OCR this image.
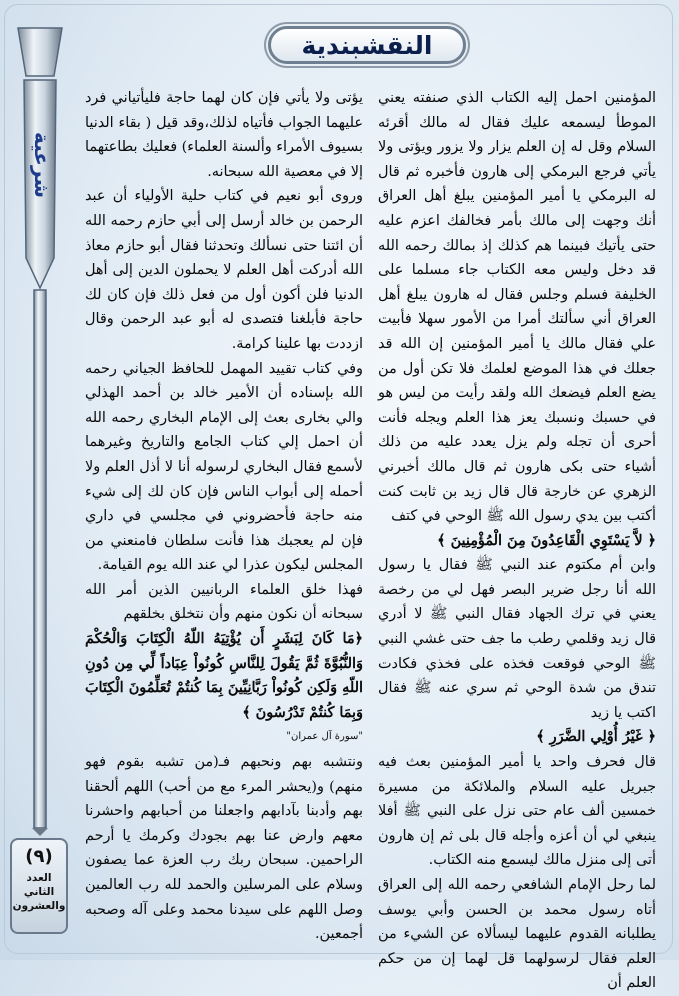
النقشبندية
شرعية
(٩)
العدد
الثاني
والعشرون

المؤمنين احمل إليه الكتاب الذي صنفته يعني الموطأ ليسمعه عليك فقال له مالك أقرئه السلام وقل له إن العلم يزار ولا يزور ويؤتى ولا يأتي فرجع البرمكي إلى هارون فأخبره ثم قال له البرمكي يا أمير المؤمنين يبلغ أهل العراق أنك وجهت إلى مالك بأمر فخالفك اعزم عليه حتى يأتيك فبينما هم كذلك إذ بمالك رحمه الله قد دخل وليس معه الكتاب جاء مسلما على الخليفة فسلم وجلس فقال له هارون يبلغ أهل العراق أني سألتك أمرا من الأمور سهلا فأبيت علي فقال مالك يا أمير المؤمنين إن الله قد جعلك في هذا الموضع لعلمك فلا تكن أول من يضع العلم فيضعك الله ولقد رأيت من ليس هو في حسبك ونسبك يعز هذا العلم ويجله فأنت أحرى أن تجله ولم يزل يعدد عليه من ذلك أشياء حتى بكى هارون ثم قال مالك أخبرني الزهري عن خارجة قال قال زيد بن ثابت كنت أكتب بين يدي رسول الله ﷺ الوحي في كتف

﴿ لاَّ يَسْتَوِي الْقَاعِدُونَ مِنَ الْمُؤْمِنِينَ ﴾

وابن أم مكتوم عند النبي ﷺ فقال يا رسول الله أنا رجل ضرير البصر فهل لي من رخصة يعني في ترك الجهاد فقال النبي ﷺ لا أدري قال زيد وقلمي رطب ما جف حتى غشي النبي ﷺ الوحي فوقعت فخذه على فخذي فكادت تندق من شدة الوحي ثم سري عنه ﷺ فقال اكتب يا زيد

﴿ غَيْرُ أُوْلِي الضَّرَرِ ﴾

قال فحرف واحد يا أمير المؤمنين بعث فيه جبريل عليه السلام والملائكة من مسيرة خمسين ألف عام حتى نزل على النبي ﷺ أفلا ينبغي لي أن أعزه وأجله قال بلى ثم إن هارون أتى إلى منزل مالك ليسمع منه الكتاب.

لما رحل الإمام الشافعي رحمه الله إلى العراق أتاه رسول محمد بن الحسن وأبي يوسف يطلبانه القدوم عليهما ليسألاه عن الشيء من العلم فقال لرسولهما قل لهما إن من حكم العلم أن

يؤتى ولا يأتي فإن كان لهما حاجة فليأتياني فرد عليهما الجواب فأتياه لذلك،وقد قيل ( بقاء الدنيا بسيوف الأمراء وألسنة العلماء) فعليك بطاعتهما إلا في معصية الله سبحانه.

وروى أبو نعيم في كتاب حلية الأولياء أن عبد الرحمن بن خالد أرسل إلى أبي حازم رحمه الله أن ائتنا حتى نسألك وتحدثنا فقال أبو حازم معاذ الله أدركت أهل العلم لا يحملون الدين إلى أهل الدنيا فلن أكون أول من فعل ذلك فإن كان لك حاجة فأبلغنا فتصدى له أبو عبد الرحمن وقال ازددت بها علينا كرامة.

وفي كتاب تقييد المهمل للحافظ الجياني رحمه الله بإسناده أن الأمير خالد بن أحمد الهذلي والي بخارى بعث إلى الإمام البخاري رحمه الله أن احمل إلي كتاب الجامع والتاريخ وغيرهما لأسمع فقال البخاري لرسوله أنا لا أذل العلم ولا أحمله إلى أبواب الناس فإن كان لك إلى شيء منه حاجة فأحضروني في مجلسي في داري فإن لم يعجبك هذا فأنت سلطان فامنعني من المجلس ليكون عذرا لي عند الله يوم القيامة.

فهذا خلق العلماء الربانيين الذين أمر الله سبحانه أن نكون منهم وأن نتخلق بخلقهم

﴿مَا كَانَ لِبَشَرٍ أَن يُؤْتِيَهُ اللّهُ الْكِتَابَ وَالْحُكْمَ وَالنُّبُوَّةَ ثُمَّ يَقُولَ لِلنَّاسِ كُونُواْ عِبَاداً لِّي مِن دُونِ اللّهِ وَلَكِن كُونُواْ رَبَّانِيِّينَ بِمَا كُنتُمْ تُعَلِّمُونَ الْكِتَابَ وَبِمَا كُنتُمْ تَدْرُسُونَ ﴾

"سورة آل عمران"

ونتشبه بهم ونحبهم فـ(من تشبه بقوم فهو منهم) و(يحشر المرء مع من أحب) اللهم ألحقنا بهم وأدبنا بآدابهم واجعلنا من أحبابهم واحشرنا معهم وارض عنا بهم بجودك وكرمك يا أرحم الراحمين. سبحان ربك رب العزة عما يصفون وسلام على المرسلين والحمد لله رب العالمين وصل اللهم على سيدنا محمد وعلى آله وصحبه أجمعين.
